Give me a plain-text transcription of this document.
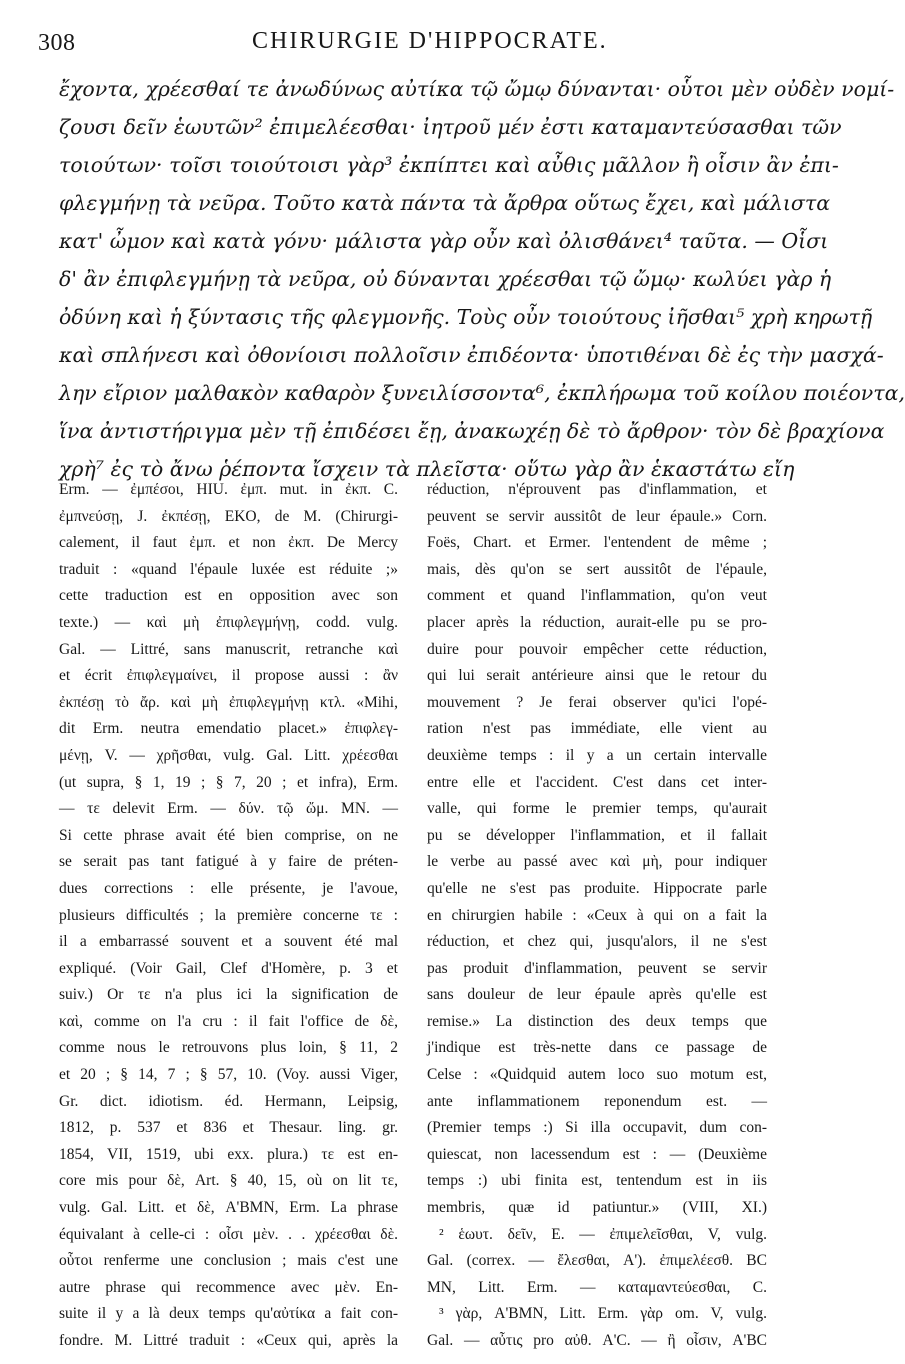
308	CHIRURGIE D'HIPPOCRATE.
ἔχοντα, χρέεσθαί τε ἀνωδύνως αὐτίκα τῷ ὤμῳ δύνανται· οὗτοι μὲν οὐδὲν νομί-
ζουσι δεῖν ἑωυτῶν² ἐπιμελέεσθαι· ἰητροῦ μέν ἐστι καταμαντεύσασθαι τῶν
τοιούτων· τοῖσι τοιούτοισι γὰρ³ ἐκπίπτει καὶ αὖθις μᾶλλον ἢ οἷσιν ἂν ἐπι-
φλεγμήνῃ τὰ νεῦρα. Τοῦτο κατὰ πάντα τὰ ἄρθρα οὕτως ἔχει, καὶ μάλιστα
κατ' ὦμον καὶ κατὰ γόνυ· μάλιστα γὰρ οὖν καὶ ὀλισθάνει⁴ ταῦτα. — Οἷσι
δ' ἂν ἐπιφλεγμήνῃ τὰ νεῦρα, οὐ δύνανται χρέεσθαι τῷ ὤμῳ· κωλύει γὰρ ἡ
ὀδύνη καὶ ἡ ξύντασις τῆς φλεγμονῆς. Τοὺς οὖν τοιούτους ἰῆσθαι⁵ χρὴ κηρωτῇ
καὶ σπλήνεσι καὶ ὀθονίοισι πολλοῖσιν ἐπιδέοντα· ὑποτιθέναι δὲ ἐς τὴν μασχά-
λην εἴριον μαλθακὸν καθαρὸν ξυνειλίσσοντα⁶, ἐκπλήρωμα τοῦ κοίλου ποιέοντα,
ἵνα ἀντιστήριγμα μὲν τῇ ἐπιδέσει ἔῃ, ἀνακωχέῃ δὲ τὸ ἄρθρον· τὸν δὲ βραχίονα
χρὴ⁷ ἐς τὸ ἄνω ῥέποντα ἴσχειν τὰ πλεῖστα· οὕτω γὰρ ἂν ἑκαστάτω εἴη
Erm. — ἐμπέσοι, HIU. ἐμπ. mut. in ἐκπ. C.
ἐμπνεύσῃ, J. ἐκπέσῃ, EKO, de M. (Chirurgi-
calement, il faut ἐμπ. et non ἐκπ. De Mercy
traduit : «quand l'épaule luxée est réduite ;»
cette traduction est en opposition avec son
texte.) — καὶ μὴ ἐπιφλεγμήνῃ, codd. vulg.
Gal. — Littré, sans manuscrit, retranche καὶ
et écrit ἐπιφλεγμαίνει, il propose aussi : ἂν
ἐκπέσῃ τὸ ἄρ. καὶ μὴ ἐπιφλεγμήνῃ κτλ. «Mihi,
dit Erm. neutra emendatio placet.» ἐπιφλεγ-
μένῃ, V. — χρῆσθαι, vulg. Gal. Litt. χρέεσθαι
(ut supra, § 1, 19 ; § 7, 20 ; et infra), Erm.
— τε delevit Erm. — δύν. τῷ ὤμ. MN. —
Si cette phrase avait été bien comprise, on ne
se serait pas tant fatigué à y faire de préten-
dues corrections : elle présente, je l'avoue,
plusieurs difficultés ; la première concerne τε :
il a embarrassé souvent et a souvent été mal
expliqué. (Voir Gail, Clef d'Homère, p. 3 et
suiv.) Or τε n'a plus ici la signification de
καὶ, comme on l'a cru : il fait l'office de δὲ,
comme nous le retrouvons plus loin, § 11, 2
et 20 ; § 14, 7 ; § 57, 10. (Voy. aussi Viger,
Gr. dict. idiotism. éd. Hermann, Leipsig,
1812, p. 537 et 836 et Thesaur. ling. gr.
1854, VII, 1519, ubi exx. plura.) τε est en-
core mis pour δὲ, Art. § 40, 15, où on lit τε,
vulg. Gal. Litt. et δὲ, A'BMN, Erm. La phrase
équivalant à celle-ci : οἷσι μὲν. . . χρέεσθαι δὲ.
οὗτοι renferme une conclusion ; mais c'est une
autre phrase qui recommence avec μὲν. En-
suite il y a là deux temps qu'αὐτίκα a fait con-
fondre. M. Littré traduit : «Ceux qui, après la
réduction, n'éprouvent pas d'inflammation, et
peuvent se servir aussitôt de leur épaule.» Corn.
Foës, Chart. et Ermer. l'entendent de même ;
mais, dès qu'on se sert aussitôt de l'épaule,
comment et quand l'inflammation, qu'on veut
placer après la réduction, aurait-elle pu se pro-
duire pour pouvoir empêcher cette réduction,
qui lui serait antérieure ainsi que le retour du
mouvement ? Je ferai observer qu'ici l'opé-
ration n'est pas immédiate, elle vient au
deuxième temps : il y a un certain intervalle
entre elle et l'accident. C'est dans cet inter-
valle, qui forme le premier temps, qu'aurait
pu se développer l'inflammation, et il fallait
le verbe au passé avec καὶ μὴ, pour indiquer
qu'elle ne s'est pas produite. Hippocrate parle
en chirurgien habile : «Ceux à qui on a fait la
réduction, et chez qui, jusqu'alors, il ne s'est
pas produit d'inflammation, peuvent se servir
sans douleur de leur épaule après qu'elle est
remise.» La distinction des deux temps que
j'indique est très-nette dans ce passage de
Celse : «Quidquid autem loco suo motum est,
ante inflammationem reponendum est. —
(Premier temps :) Si illa occupavit, dum con-
quiescat, non lacessendum est : — (Deuxième
temps :) ubi finita est, tentendum est in iis
membris, quæ id patiuntur.» (VIII, XI.)
² ἑωυτ. δεῖν, E. — ἐπιμελεῖσθαι, V, vulg.
Gal. (correx. — ἔλεσθαι, A'). ἐπιμελέεσθ. BC
MN, Litt. Erm. — καταμαντεύεσθαι, C.
³ γὰρ, A'BMN, Litt. Erm. γὰρ om. V, vulg.
Gal. — αὖτις pro αὐθ. A'C. — ἢ οἷσιν, A'BC
